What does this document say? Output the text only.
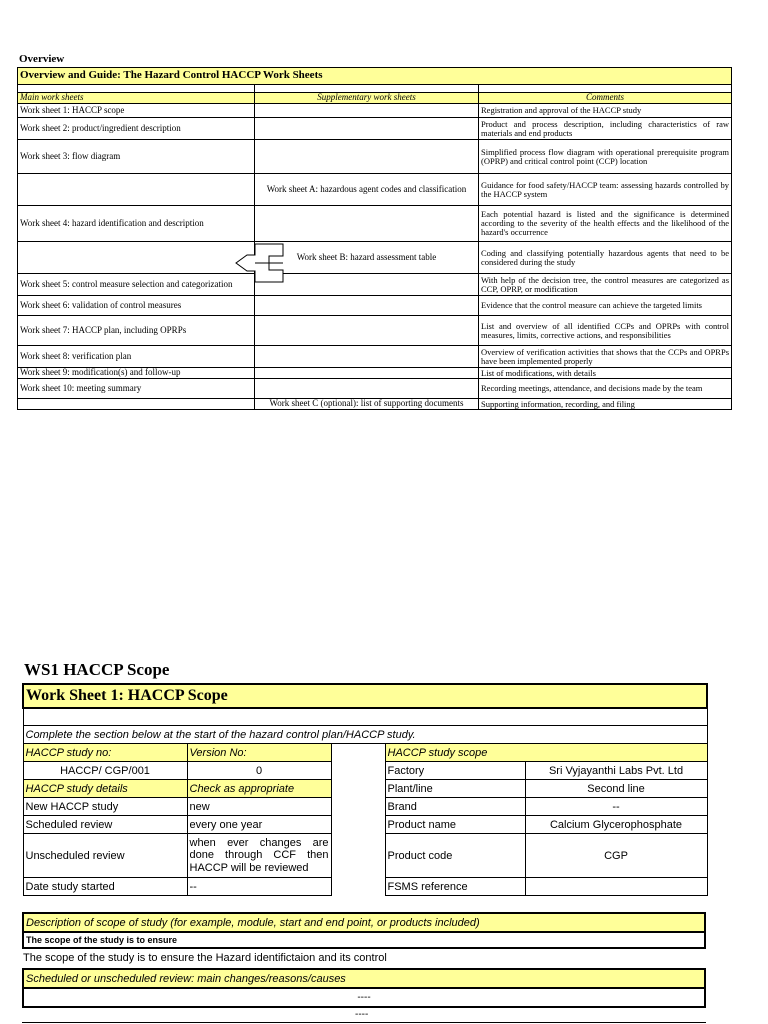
Overview
Overview and Guide: The Hazard Control HACCP Work Sheets		

Main work sheets	Supplementary work sheets	Comments
Work sheet 1: HACCP scope		Registration and approval of the HACCP study
Work sheet 2: product/ingredient description		Product and process description, including characteristics of raw materials and end products
Work sheet 3: flow diagram		Simplified process flow diagram with operational prerequisite program (OPRP) and critical control point (CCP) location
	Work sheet A: hazardous agent codes and classification	Guidance for food safety/HACCP team: assessing hazards controlled by the HACCP system
Work sheet 4: hazard identification and description		Each potential hazard is listed and the significance is determined according to the severity of the health effects and the likelihood of the hazard's occurrence
	Work sheet B: hazard assessment table	Coding and classifying potentially hazardous agents that need to be considered during the study
Work sheet 5: control measure selection and categorization		With help of the decision tree, the control measures are categorized as CCP, OPRP, or modification
Work sheet 6: validation of control measures		Evidence that the control measure can achieve the targeted limits
Work sheet 7: HACCP plan, including OPRPs		List and overview of all identified CCPs and OPRPs with control measures, limits, corrective actions, and responsibilities
Work sheet 8: verification plan		Overview of verification activities that shows that the CCPs and OPRPs have been implemented properly
Work sheet 9: modification(s) and follow-up		List of modifications, with details
Work sheet 10: meeting summary		Recording meetings, attendance, and decisions made by the team
	Work sheet C (optional): list of supporting documents	Supporting information, recording, and filing
WS1 HACCP Scope
Work Sheet 1: HACCP Scope				

Complete the section below at the start of the hazard control plan/HACCP study.				
HACCP study no:	Version No:		HACCP study scope	
HACCP/ CGP/001	0		Factory	Sri Vyjayanthi Labs Pvt. Ltd
HACCP study details	Check as appropriate		Plant/line	Second line
New HACCP study	new		Brand	--
Scheduled review	every one year		Product name	Calcium Glycerophosphate
Unscheduled review	when ever changes are done through CCF then HACCP will be reviewed		Product code	CGP
Date study started	--		FSMS reference	
Description of scope of study (for example, module, start and end point, or products included)
The scope of the study is to ensure
The scope of the study is to ensure the Hazard identifictaion and its control
Scheduled or unscheduled review: main changes/reasons/causes
----
----
